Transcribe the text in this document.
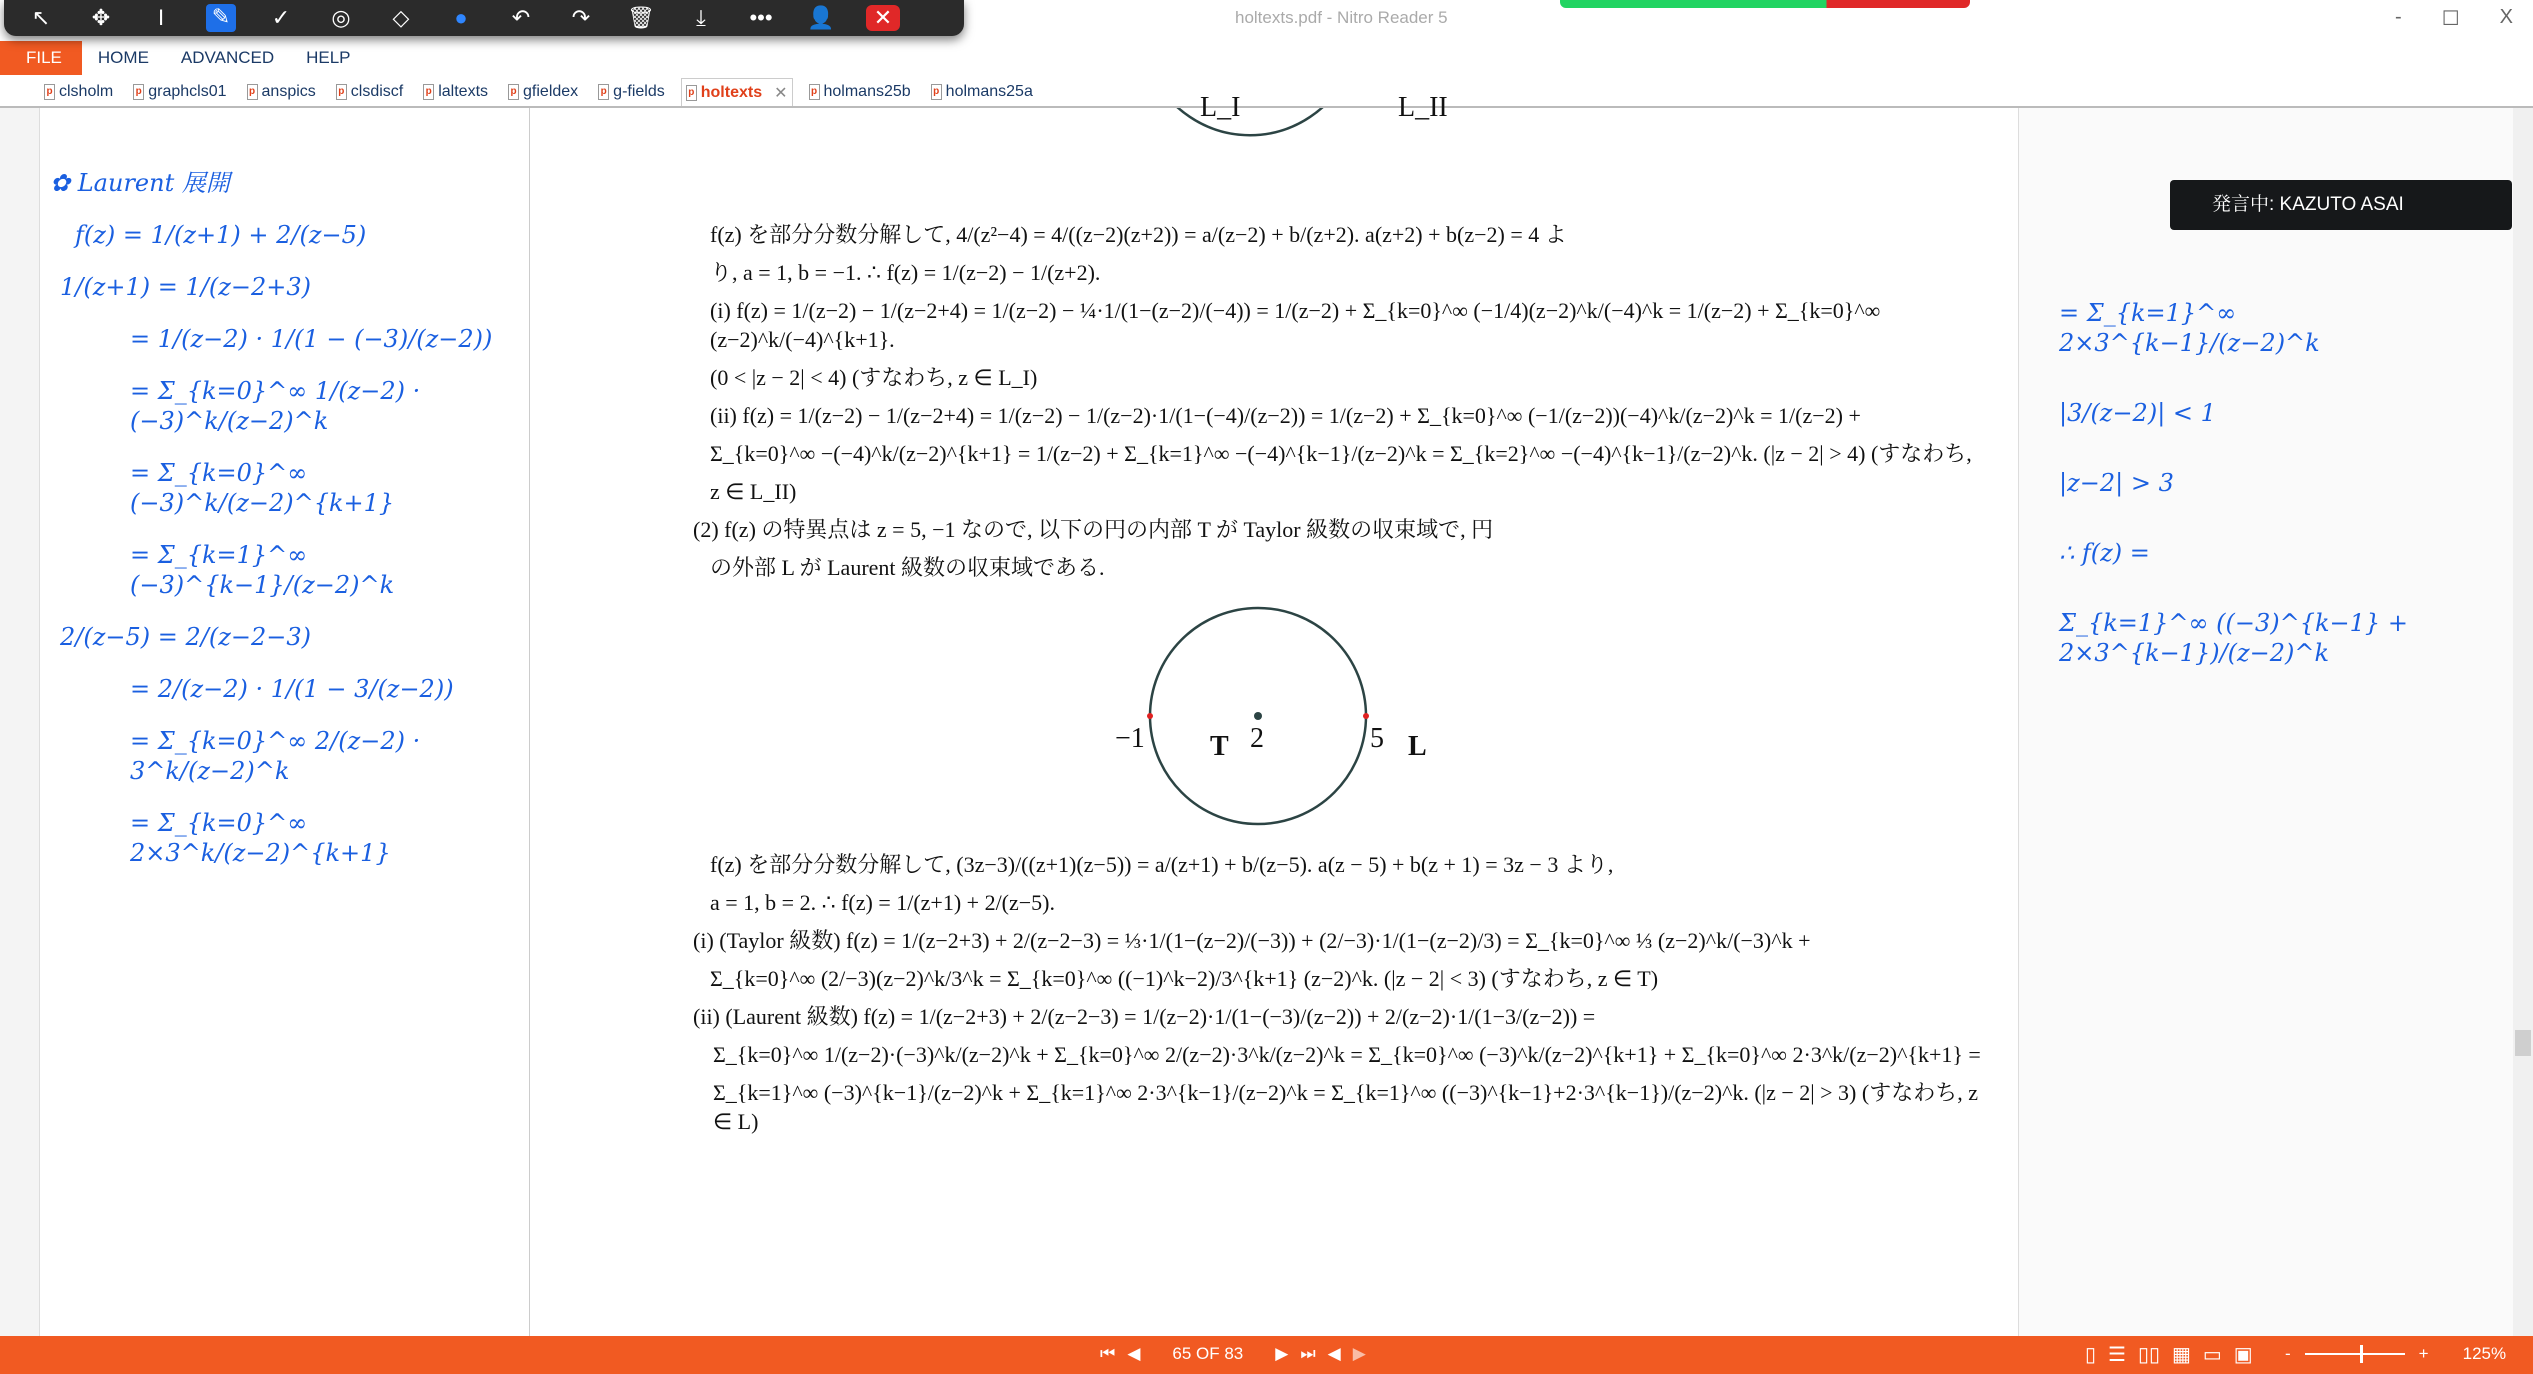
holtexts.pdf - Nitro Reader 5	- ☐ X
FILE	HOME	ADVANCED	HELP
↖ ✥	I	✎ ✓ ◎ ◇	●	↶ ↷ 🗑	⤓	••• 👤	✕
p clsholm p graphcls01 p anspics p clsdiscf p laltexts p gfieldex p g-fields p holtexts ✕ p holmans25b p holmans25a
✿ Laurent 展開
f(z) = 1/(z+1) + 2/(z−5)
1/(z+1) = 1/(z−2+3)
= 1/(z−2) · 1/(1 − (−3)/(z−2))
= Σ_{k=0}^∞ 1/(z−2) · (−3)^k/(z−2)^k
= Σ_{k=0}^∞ (−3)^k/(z−2)^{k+1}
= Σ_{k=1}^∞ (−3)^{k−1}/(z−2)^k
2/(z−5) = 2/(z−2−3)
= 2/(z−2) · 1/(1 − 3/(z−2))
= Σ_{k=0}^∞ 2/(z−2) · 3^k/(z−2)^k
= Σ_{k=0}^∞ 2×3^k/(z−2)^{k+1}
L_I	L_II
f(z) を部分分数分解して, 4/(z²−4) = 4/((z−2)(z+2)) = a/(z−2) + b/(z+2). a(z+2) + b(z−2) = 4 よ
り, a = 1, b = −1. ∴ f(z) = 1/(z−2) − 1/(z+2).
(i) f(z) = 1/(z−2) − 1/(z−2+4) = 1/(z−2) − ¼·1/(1−(z−2)/(−4)) = 1/(z−2) + Σ_{k=0}^∞ (−1/4)(z−2)^k/(−4)^k = 1/(z−2) + Σ_{k=0}^∞ (z−2)^k/(−4)^{k+1}.
(0 < |z − 2| < 4) (すなわち, z ∈ L_I)
(ii) f(z) = 1/(z−2) − 1/(z−2+4) = 1/(z−2) − 1/(z−2)·1/(1−(−4)/(z−2)) = 1/(z−2) + Σ_{k=0}^∞ (−1/(z−2))(−4)^k/(z−2)^k = 1/(z−2) +
Σ_{k=0}^∞ −(−4)^k/(z−2)^{k+1} = 1/(z−2) + Σ_{k=1}^∞ −(−4)^{k−1}/(z−2)^k = Σ_{k=2}^∞ −(−4)^{k−1}/(z−2)^k. (|z − 2| > 4) (すなわち,
z ∈ L_II)
(2) f(z) の特異点は z = 5, −1 なので, 以下の円の内部 T が Taylor 級数の収束域で, 円
の外部 L が Laurent 級数の収束域である.
−1	2	5
T	L
f(z) を部分分数分解して, (3z−3)/((z+1)(z−5)) = a/(z+1) + b/(z−5). a(z − 5) + b(z + 1) = 3z − 3 より,
a = 1, b = 2. ∴ f(z) = 1/(z+1) + 2/(z−5).
(i) (Taylor 級数) f(z) = 1/(z−2+3) + 2/(z−2−3) = ⅓·1/(1−(z−2)/(−3)) + (2/−3)·1/(1−(z−2)/3) = Σ_{k=0}^∞ ⅓ (z−2)^k/(−3)^k +
Σ_{k=0}^∞ (2/−3)(z−2)^k/3^k = Σ_{k=0}^∞ ((−1)^k−2)/3^{k+1} (z−2)^k. (|z − 2| < 3) (すなわち, z ∈ T)
(ii) (Laurent 級数) f(z) = 1/(z−2+3) + 2/(z−2−3) = 1/(z−2)·1/(1−(−3)/(z−2)) + 2/(z−2)·1/(1−3/(z−2)) =
Σ_{k=0}^∞ 1/(z−2)·(−3)^k/(z−2)^k + Σ_{k=0}^∞ 2/(z−2)·3^k/(z−2)^k = Σ_{k=0}^∞ (−3)^k/(z−2)^{k+1} + Σ_{k=0}^∞ 2·3^k/(z−2)^{k+1} =
Σ_{k=1}^∞ (−3)^{k−1}/(z−2)^k + Σ_{k=1}^∞ 2·3^{k−1}/(z−2)^k = Σ_{k=1}^∞ ((−3)^{k−1}+2·3^{k−1})/(z−2)^k. (|z − 2| > 3) (すなわち, z ∈ L)
= Σ_{k=1}^∞ 2×3^{k−1}/(z−2)^k
|3/(z−2)| < 1
|z−2| > 3
∴ f(z) =
Σ_{k=1}^∞ ((−3)^{k−1} + 2×3^{k−1})/(z−2)^k
発言中: KAZUTO ASAI
⏮ ◀ 65 OF 83 ▶ ⏭ ◀ ▶	▯ ☰ ▯▯ ▦ ▭ ▣ -	+ 125%
